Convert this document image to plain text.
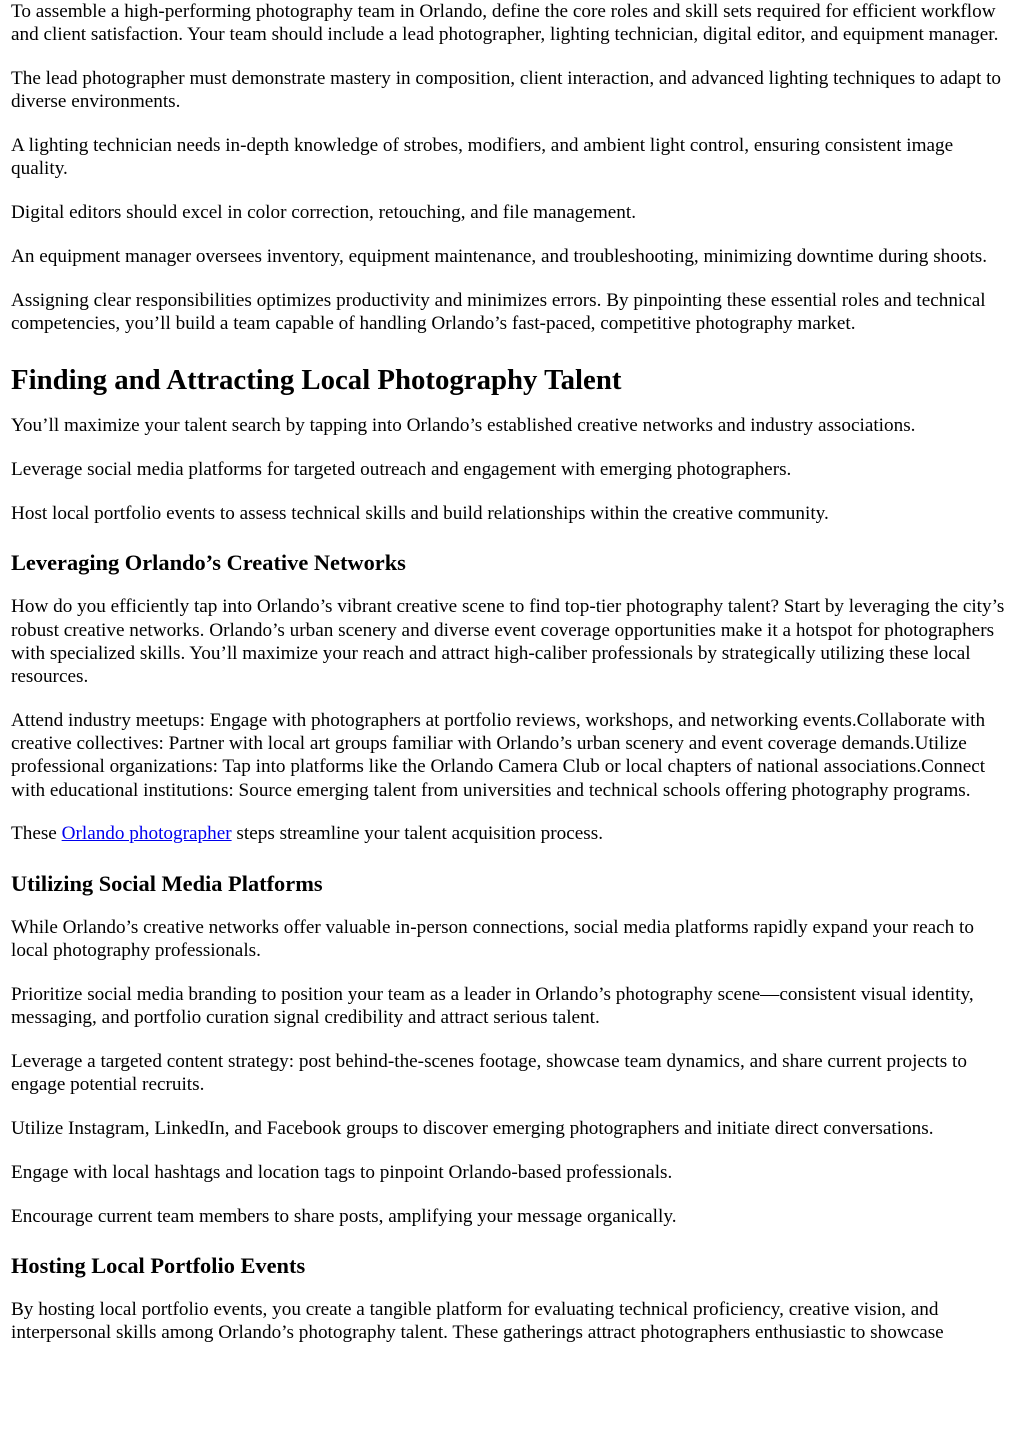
To assemble a high-performing photography team in Orlando, define the core roles and skill sets required for efficient workflow and client satisfaction. Your team should include a lead photographer, lighting technician, digital editor, and equipment manager.

The lead photographer must demonstrate mastery in composition, client interaction, and advanced lighting techniques to adapt to diverse environments.

A lighting technician needs in-depth knowledge of strobes, modifiers, and ambient light control, ensuring consistent image quality.

Digital editors should excel in color correction, retouching, and file management.

An equipment manager oversees inventory, equipment maintenance, and troubleshooting, minimizing downtime during shoots.

Assigning clear responsibilities optimizes productivity and minimizes errors. By pinpointing these essential roles and technical competencies, you’ll build a team capable of handling Orlando’s fast-paced, competitive photography market.

Finding and Attracting Local Photography Talent

You’ll maximize your talent search by tapping into Orlando’s established creative networks and industry associations.

Leverage social media platforms for targeted outreach and engagement with emerging photographers.

Host local portfolio events to assess technical skills and build relationships within the creative community.

Leveraging Orlando’s Creative Networks

How do you efficiently tap into Orlando’s vibrant creative scene to find top-tier photography talent? Start by leveraging the city’s robust creative networks. Orlando’s urban scenery and diverse event coverage opportunities make it a hotspot for photographers with specialized skills. You’ll maximize your reach and attract high-caliber professionals by strategically utilizing these local resources.

Attend industry meetups: Engage with photographers at portfolio reviews, workshops, and networking events.Collaborate with creative collectives: Partner with local art groups familiar with Orlando’s urban scenery and event coverage demands.Utilize professional organizations: Tap into platforms like the Orlando Camera Club or local chapters of national associations.Connect with educational institutions: Source emerging talent from universities and technical schools offering photography programs.

These Orlando photographer steps streamline your talent acquisition process.

Utilizing Social Media Platforms

While Orlando’s creative networks offer valuable in-person connections, social media platforms rapidly expand your reach to local photography professionals.

Prioritize social media branding to position your team as a leader in Orlando’s photography scene—consistent visual identity, messaging, and portfolio curation signal credibility and attract serious talent.

Leverage a targeted content strategy: post behind-the-scenes footage, showcase team dynamics, and share current projects to engage potential recruits.

Utilize Instagram, LinkedIn, and Facebook groups to discover emerging photographers and initiate direct conversations.

Engage with local hashtags and location tags to pinpoint Orlando-based professionals.

Encourage current team members to share posts, amplifying your message organically.

Hosting Local Portfolio Events

By hosting local portfolio events, you create a tangible platform for evaluating technical proficiency, creative vision, and interpersonal skills among Orlando’s photography talent. These gatherings attract photographers enthusiastic to showcase
